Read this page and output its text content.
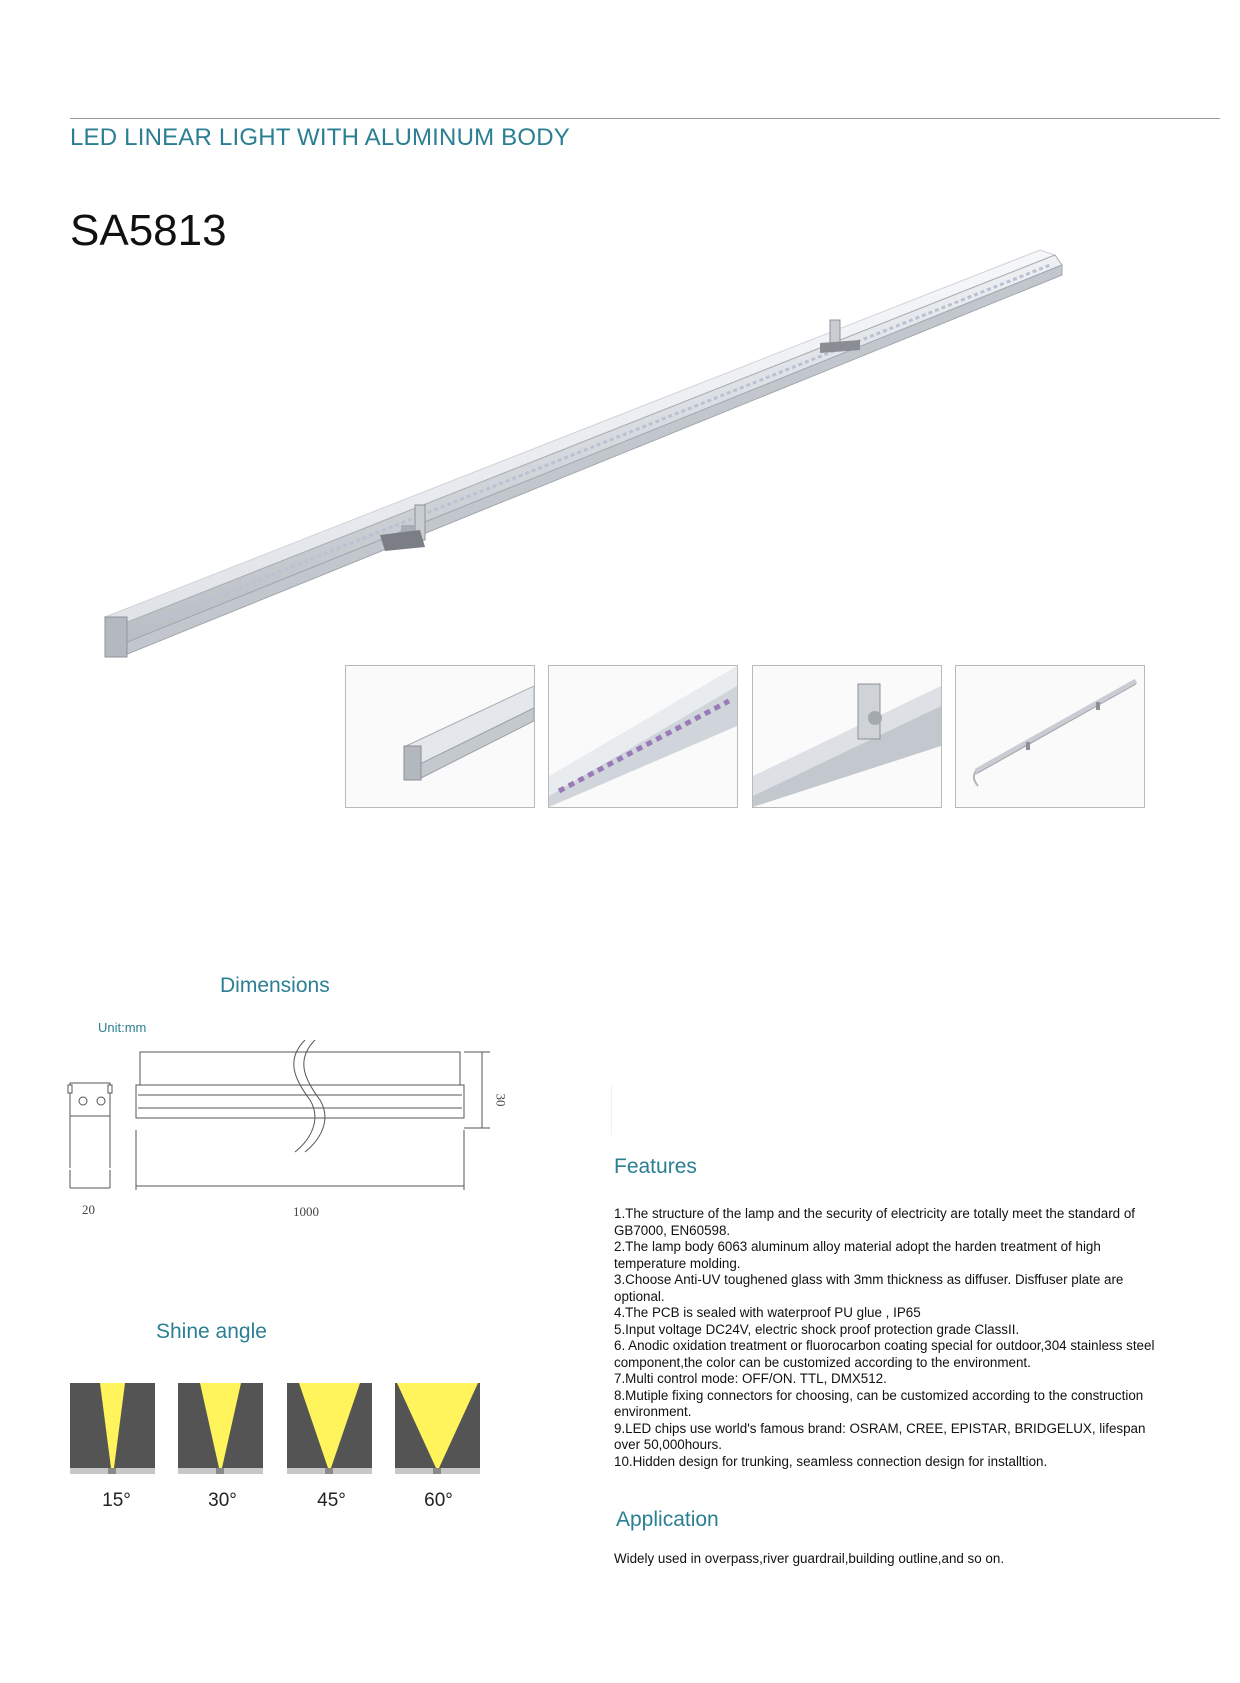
LED LINEAR LIGHT WITH ALUMINUM BODY
SA5813
Dimensions
Unit:mm
30
20	1000
Shine angle
15°	30°	45°	60°
Features
1.The structure of the lamp and the security of electricity are totally meet the standard of GB7000, EN60598.
2.The lamp body 6063 aluminum alloy material adopt the harden treatment of high temperature molding.
3.Choose Anti-UV toughened glass with 3mm thickness as diffuser. Disffuser plate are optional.
4.The PCB is sealed with waterproof PU glue , IP65
5.Input voltage DC24V, electric shock proof protection grade ClassII.
6. Anodic oxidation treatment or fluorocarbon coating special for outdoor,304 stainless steel component,the color can be customized according to the environment.
7.Multi control mode: OFF/ON. TTL, DMX512.
8.Mutiple fixing connectors for choosing, can be customized according to the construction environment.
9.LED chips use world's famous brand: OSRAM, CREE, EPISTAR, BRIDGELUX, lifespan over 50,000hours.
10.Hidden design for trunking, seamless connection design for installtion.
Application
Widely used in overpass,river guardrail,building outline,and so on.
